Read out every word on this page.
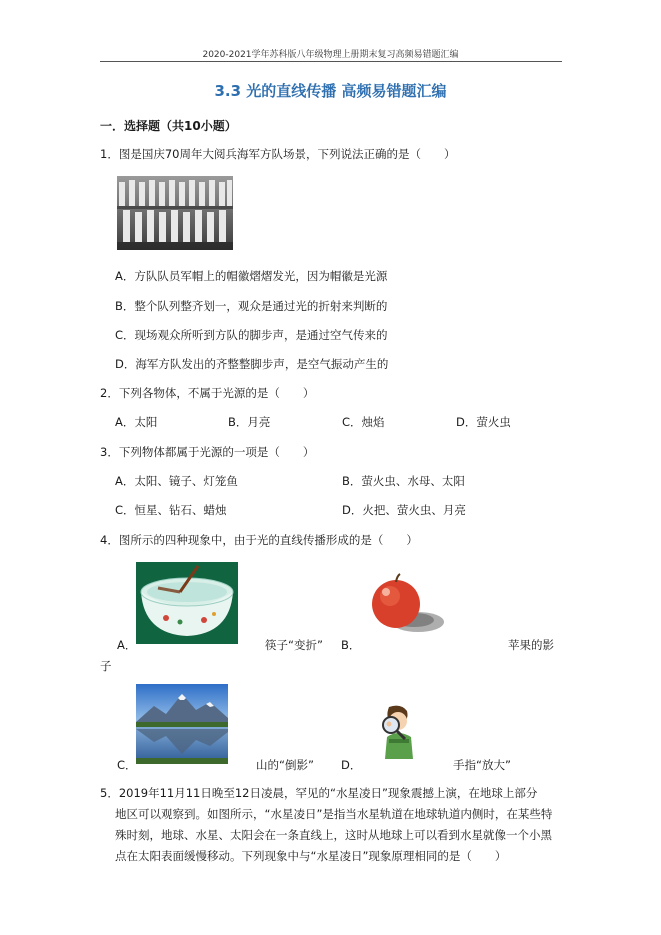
2020-2021学年苏科版八年级物理上册期末复习高频易错题汇编
3.3 光的直线传播 高频易错题汇编
一．选择题（共10小题）
1．图是国庆70周年大阅兵海军方队场景，下列说法正确的是（　　）
A．方队队员军帽上的帽徽熠熠发光，因为帽徽是光源
B．整个队列整齐划一，观众是通过光的折射来判断的
C．现场观众所听到方队的脚步声，是通过空气传来的
D．海军方队发出的齐整整脚步声，是空气振动产生的
2．下列各物体，不属于光源的是（　　）
A．太阳	B．月亮	C．烛焰	D．萤火虫
3．下列物体都属于光源的一项是（　　）
A．太阳、镜子、灯笼鱼	B．萤火虫、水母、太阳
C．恒星、钻石、蜡烛	D．火把、萤火虫、月亮
4．图所示的四种现象中，由于光的直线传播形成的是（　　）
A．	筷子“变折” B．	苹果的影
子
C．	山的“倒影” D．	手指“放大”
5．2019年11月11日晚至12日凌晨，罕见的“水星凌日”现象震撼上演，在地球上部分
地区可以观察到。如图所示，“水星凌日”是指当水星轨道在地球轨道内侧时，在某些特
殊时刻，地球、水星、太阳会在一条直线上，这时从地球上可以看到水星就像一个小黑
点在太阳表面缓慢移动。下列现象中与“水星凌日”现象原理相同的是（　　）
